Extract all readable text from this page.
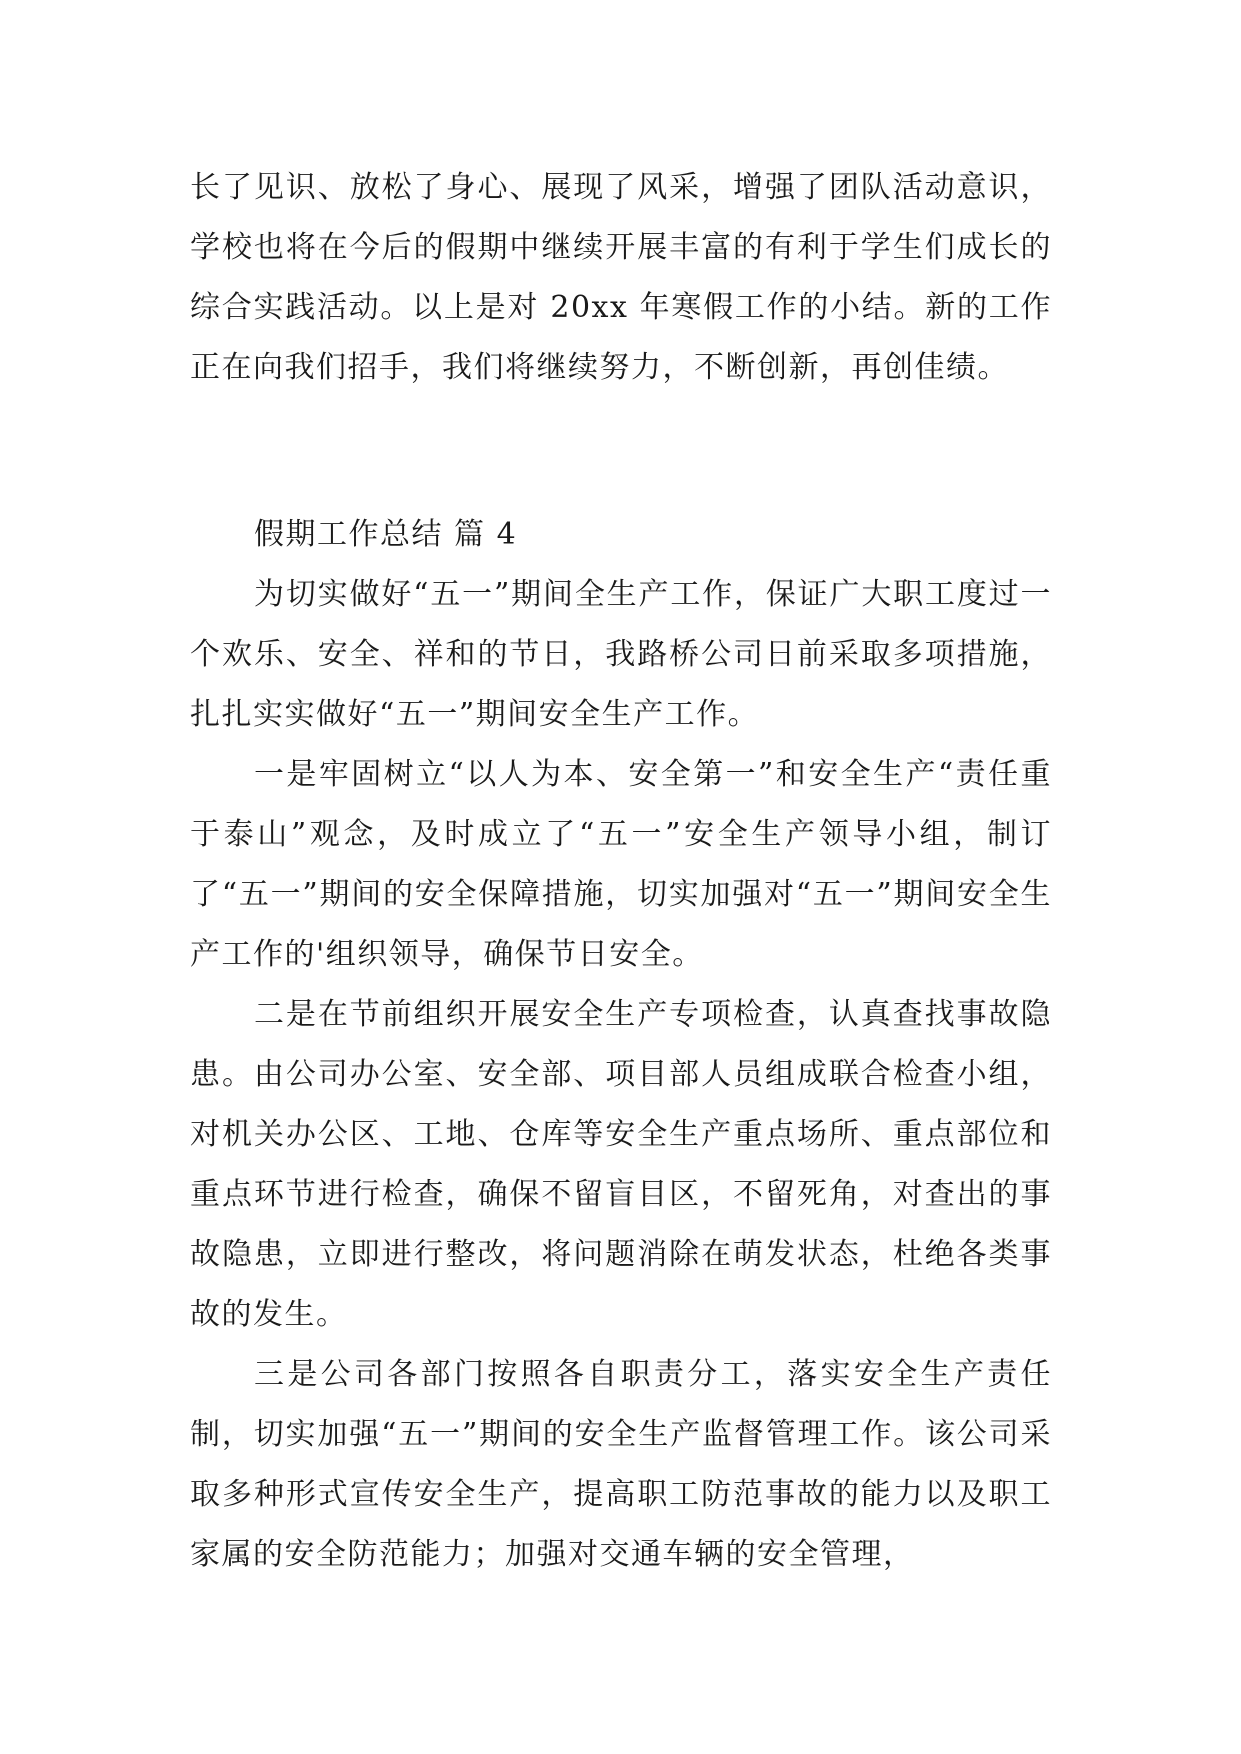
长了见识、放松了身心、展现了风采，增强了团队活动意识，学校也将在今后的假期中继续开展丰富的有利于学生们成长的综合实践活动。以上是对 20xx 年寒假工作的小结。新的工作正在向我们招手，我们将继续努力，不断创新，再创佳绩。

假期工作总结 篇 4

为切实做好“五一”期间全生产工作，保证广大职工度过一个欢乐、安全、祥和的节日，我路桥公司日前采取多项措施，扎扎实实做好“五一”期间安全生产工作。

一是牢固树立“以人为本、安全第一”和安全生产“责任重于泰山”观念，及时成立了“五一”安全生产领导小组，制订了“五一”期间的安全保障措施，切实加强对“五一”期间安全生产工作的'组织领导，确保节日安全。

二是在节前组织开展安全生产专项检查，认真查找事故隐患。由公司办公室、安全部、项目部人员组成联合检查小组，对机关办公区、工地、仓库等安全生产重点场所、重点部位和重点环节进行检查，确保不留盲目区，不留死角，对查出的事故隐患，立即进行整改，将问题消除在萌发状态，杜绝各类事故的发生。

三是公司各部门按照各自职责分工，落实安全生产责任制，切实加强“五一”期间的安全生产监督管理工作。该公司采取多种形式宣传安全生产，提高职工防范事故的能力以及职工家属的安全防范能力；加强对交通车辆的安全管理，
